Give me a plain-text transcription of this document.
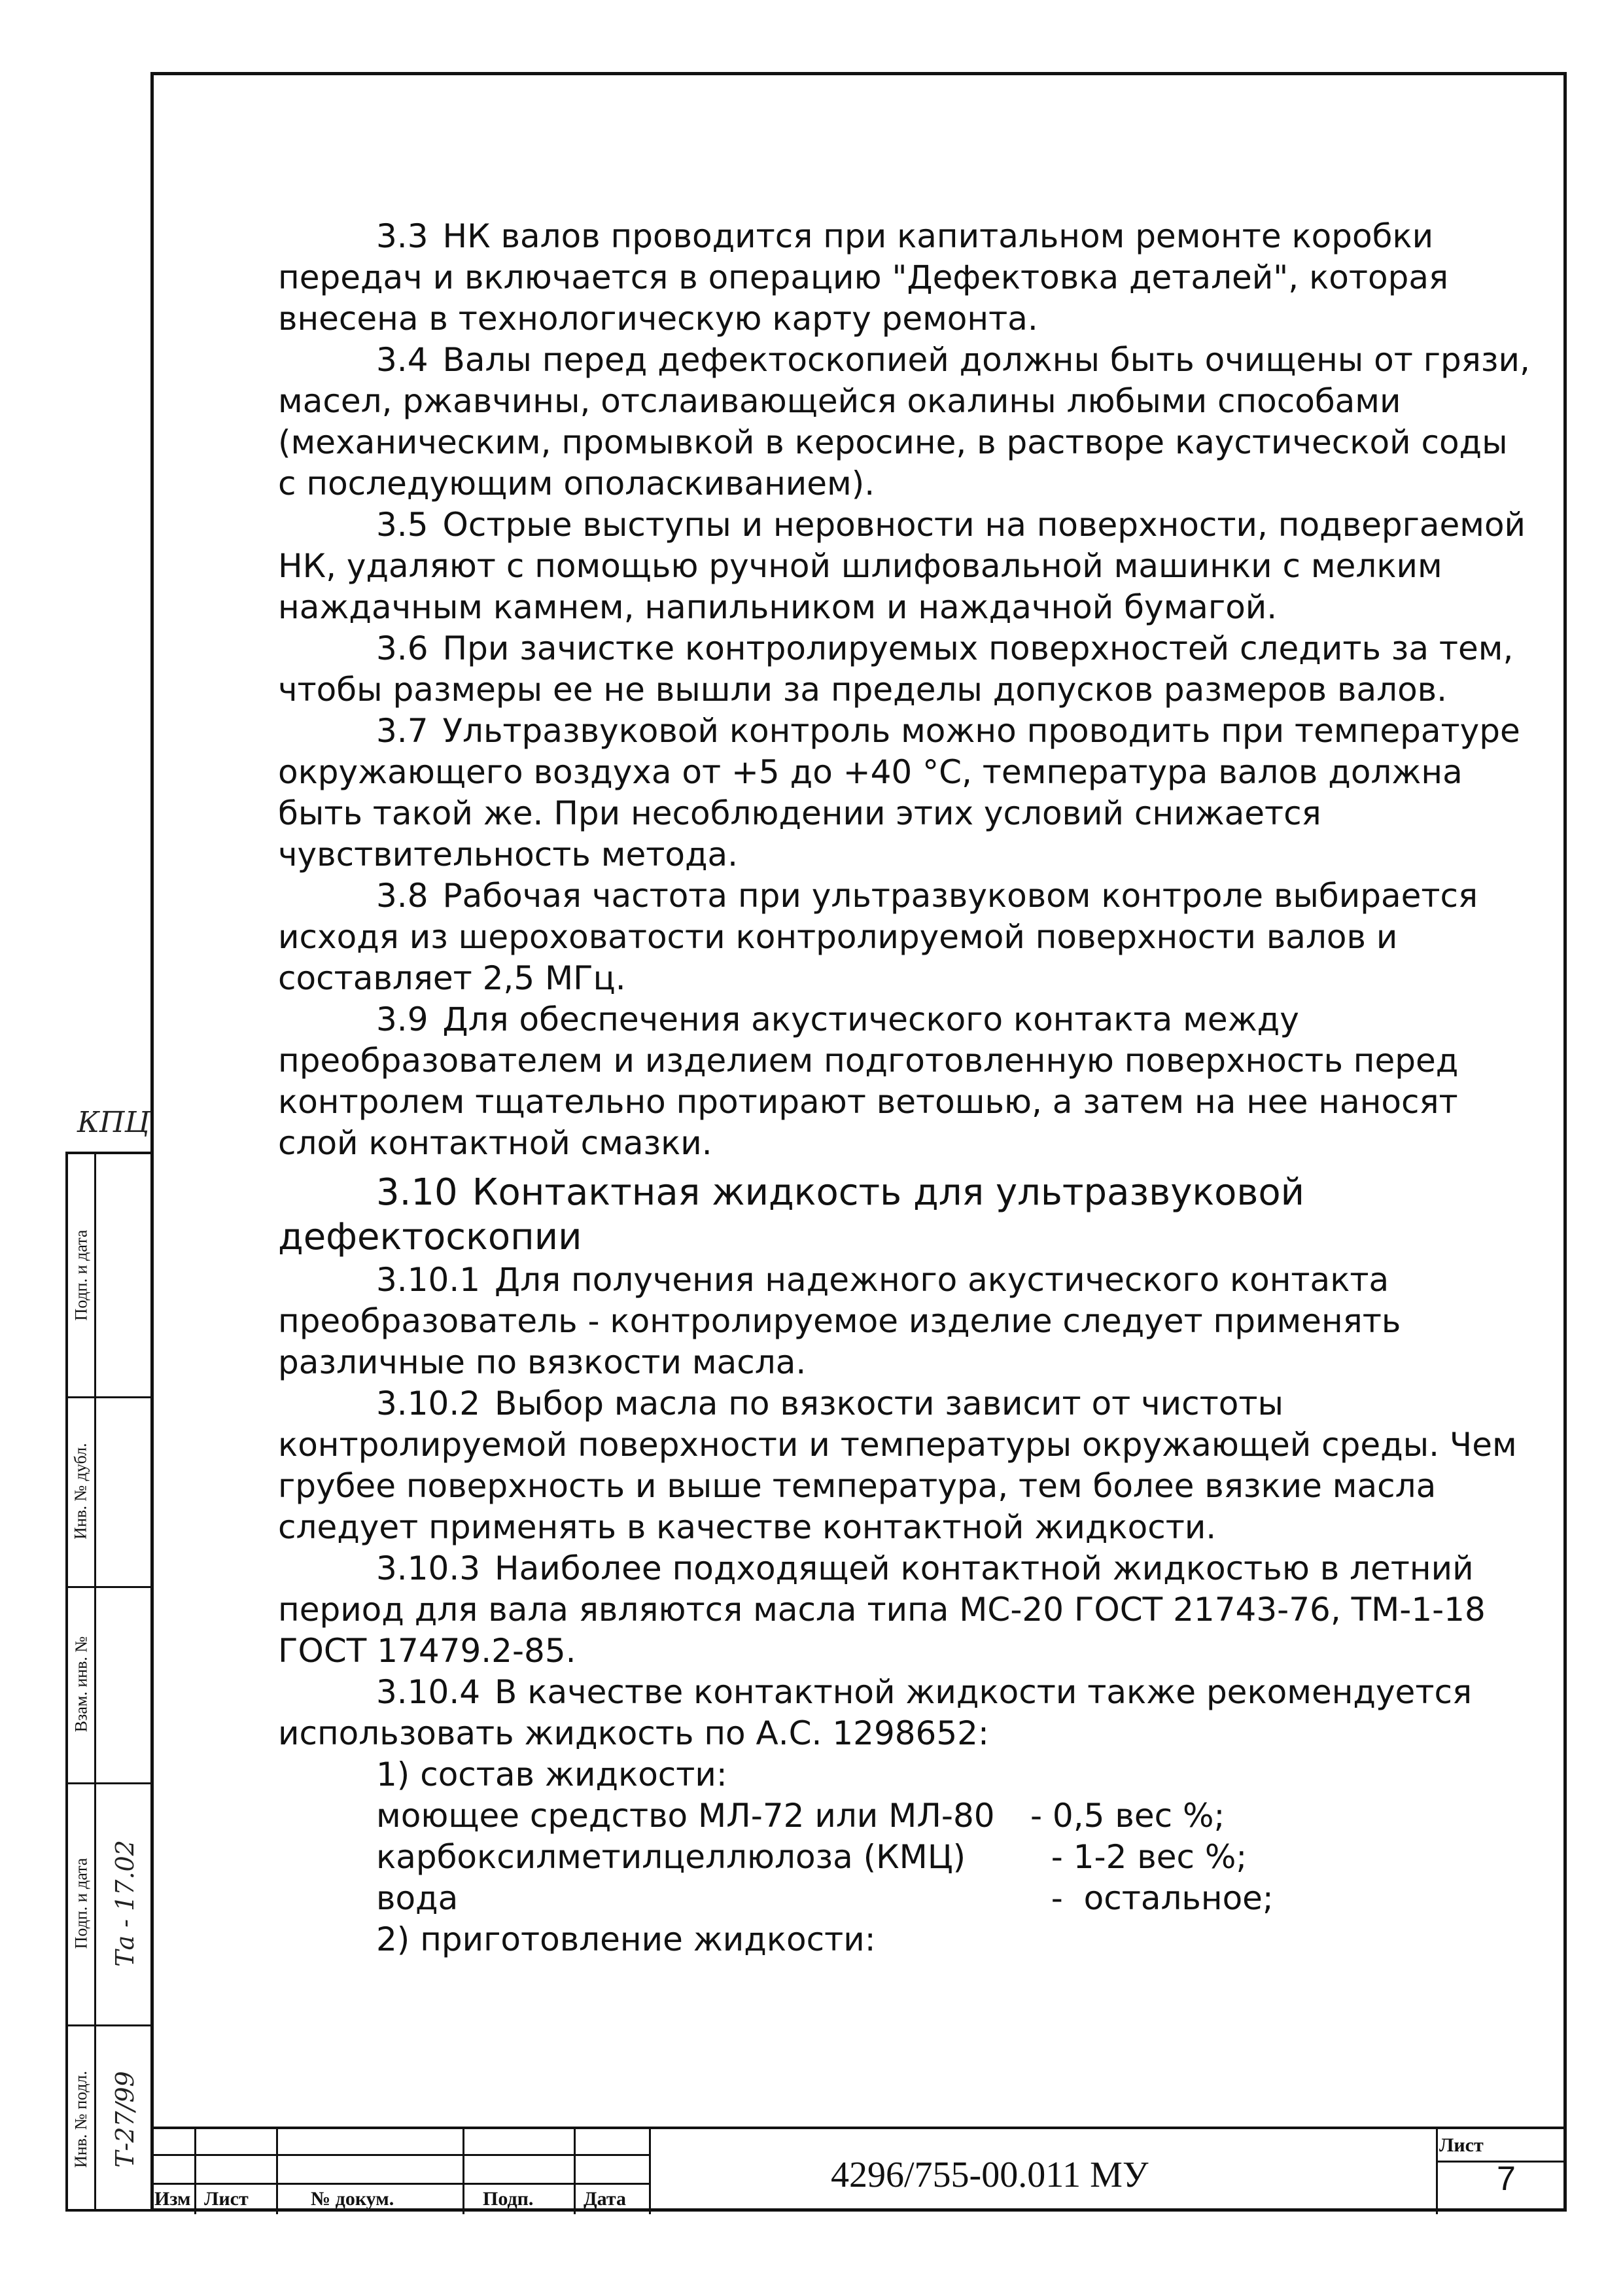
3.3 НК валов проводится при капитальном ремонте коробки передач и включается в операцию "Дефектовка деталей", которая внесена в технологическую карту ремонта.

3.4 Валы перед дефектоскопией должны быть очищены от грязи, масел, ржавчины, отслаивающейся окалины любыми способами (механическим, промывкой в керосине, в растворе каустической соды с последующим ополаскиванием).

3.5 Острые выступы и неровности на поверхности, подвергаемой НК, удаляют с помощью ручной шлифовальной машинки с мелким наждачным камнем, напильником и наждачной бумагой.

3.6 При зачистке контролируемых поверхностей следить за тем, чтобы размеры ее не вышли за пределы допусков размеров валов.

3.7 Ультразвуковой контроль можно проводить при температуре окружающего воздуха от +5 до +40 °С, температура валов должна быть такой же. При несоблюдении этих условий снижается чувствительность метода.

3.8 Рабочая частота при ультразвуковом контроле выбирается исходя из шероховатости контролируемой поверхности валов и составляет 2,5 МГц.

3.9 Для обеспечения акустического контакта между преобразователем и изделием подготовленную поверхность перед контролем тщательно протирают ветошью, а затем на нее наносят слой контактной смазки.

3.10 Контактная жидкость для ультразвуковой дефектоскопии

3.10.1 Для получения надежного акустического контакта преобразователь - контролируемое изделие следует применять различные по вязкости масла.

3.10.2 Выбор масла по вязкости зависит от чистоты контролируемой поверхности и температуры окружающей среды. Чем грубее поверхность и выше температура, тем более вязкие масла следует применять в качестве контактной жидкости.

3.10.3 Наиболее подходящей контактной жидкостью в летний период для вала являются масла типа МС-20 ГОСТ 21743-76, ТМ-1-18 ГОСТ 17479.2-85.

3.10.4 В качестве контактной жидкости также рекомендуется использовать жидкость по А.С. 1298652:

1) состав жидкости:

моющее средство МЛ-72 или МЛ-80	- 0,5 вес %;
карбоксилметилцеллюлоза (КМЦ)	- 1-2 вес %;
вода	-  остальное;

2) приготовление жидкости:

КПЦ
Подп. и дата
Инв. № дубл.
Взам. инв. №
Подп. и дата
Инв. № подл.
Та - 17.02
Т-27/99
Изм Лист	№ докум.	Подп.	Дата
4296/755-00.011 МУ
Лист
7
